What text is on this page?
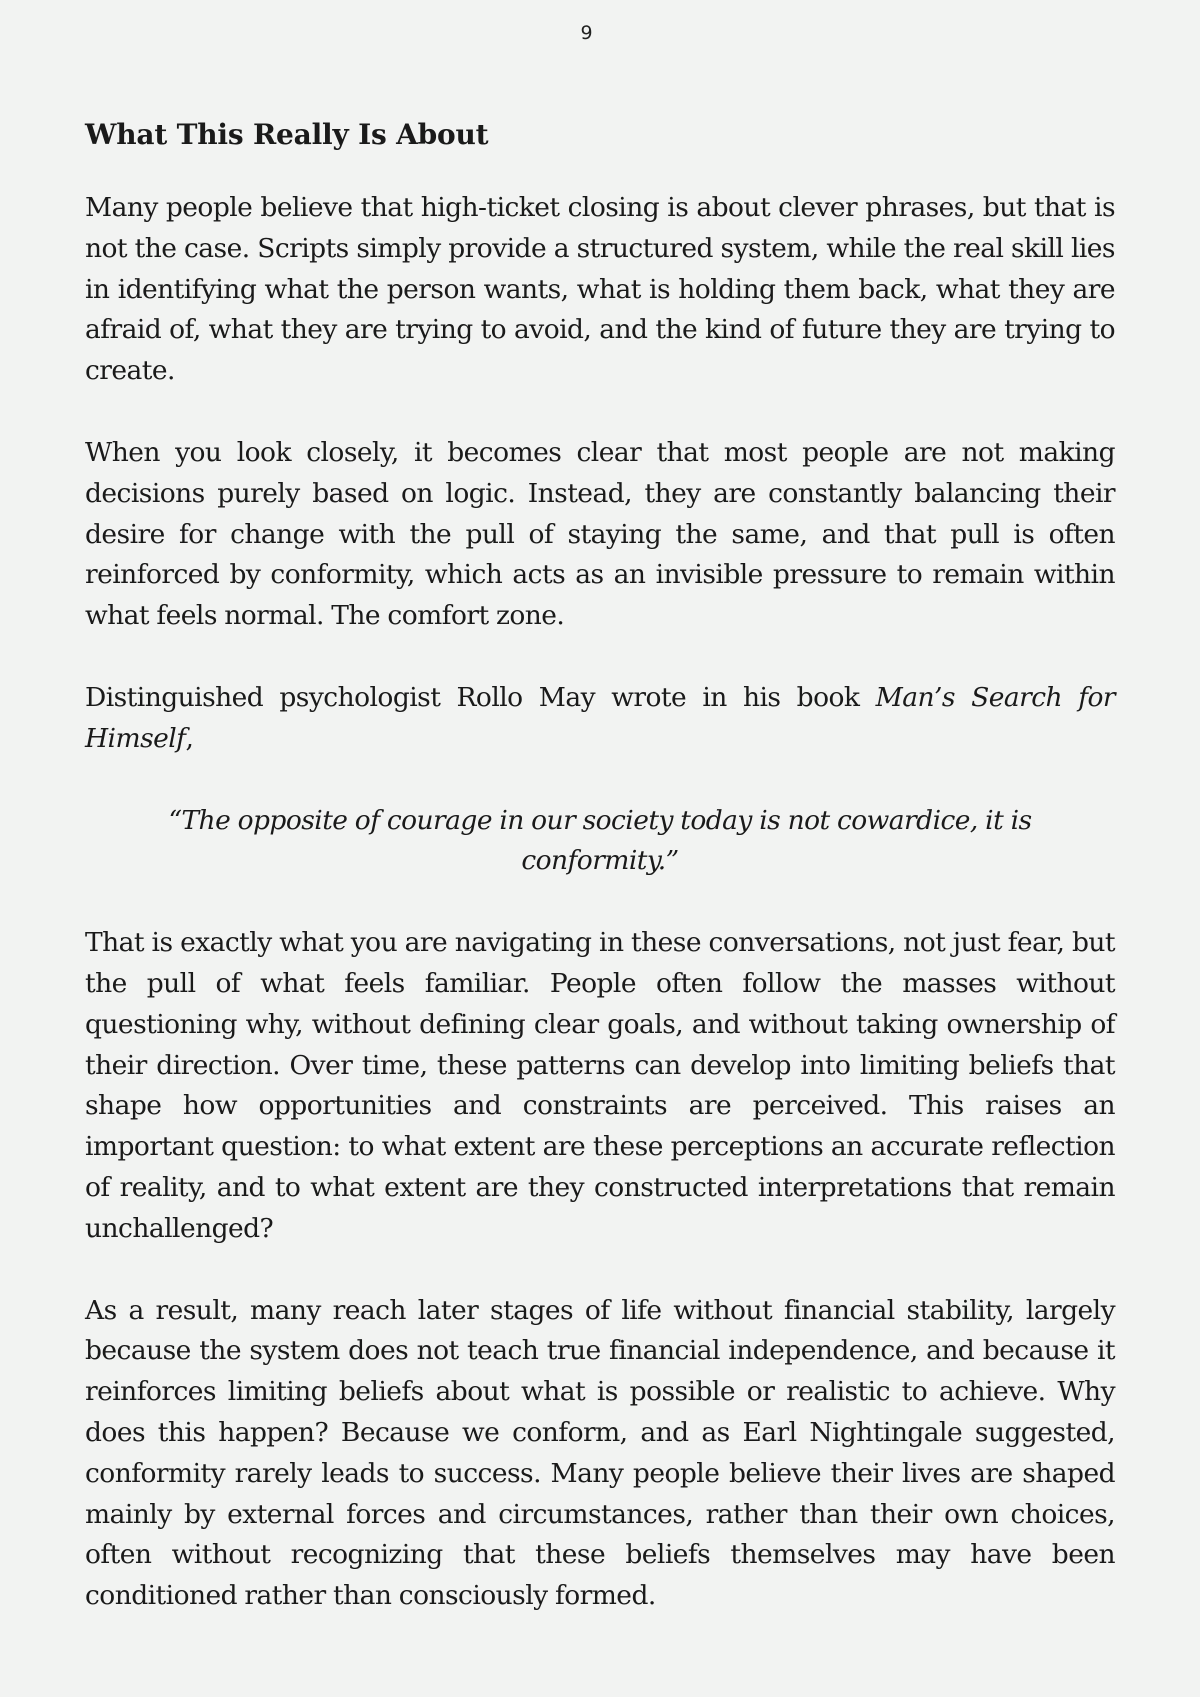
9
What This Really Is About

Many people believe that high-ticket closing is about clever phrases, but that is not the case. Scripts simply provide a structured system, while the real skill lies in identifying what the person wants, what is holding them back, what they are afraid of, what they are trying to avoid, and the kind of future they are trying to create.

When you look closely, it becomes clear that most people are not making decisions purely based on logic. Instead, they are constantly balancing their desire for change with the pull of staying the same, and that pull is often reinforced by conformity, which acts as an invisible pressure to remain within what feels normal. The comfort zone.

Distinguished psychologist Rollo May wrote in his book Man’s Search for Himself,

“The opposite of courage in our society today is not cowardice, it is conformity.”

That is exactly what you are navigating in these conversations, not just fear, but the pull of what feels familiar. People often follow the masses without questioning why, without defining clear goals, and without taking ownership of their direction. Over time, these patterns can develop into limiting beliefs that shape how opportunities and constraints are perceived. This raises an important question: to what extent are these perceptions an accurate reflection of reality, and to what extent are they constructed interpretations that remain unchallenged?

As a result, many reach later stages of life without financial stability, largely because the system does not teach true financial independence, and because it reinforces limiting beliefs about what is possible or realistic to achieve. Why does this happen? Because we conform, and as Earl Nightingale suggested, conformity rarely leads to success. Many people believe their lives are shaped mainly by external forces and circumstances, rather than their own choices, often without recognizing that these beliefs themselves may have been conditioned rather than consciously formed.
